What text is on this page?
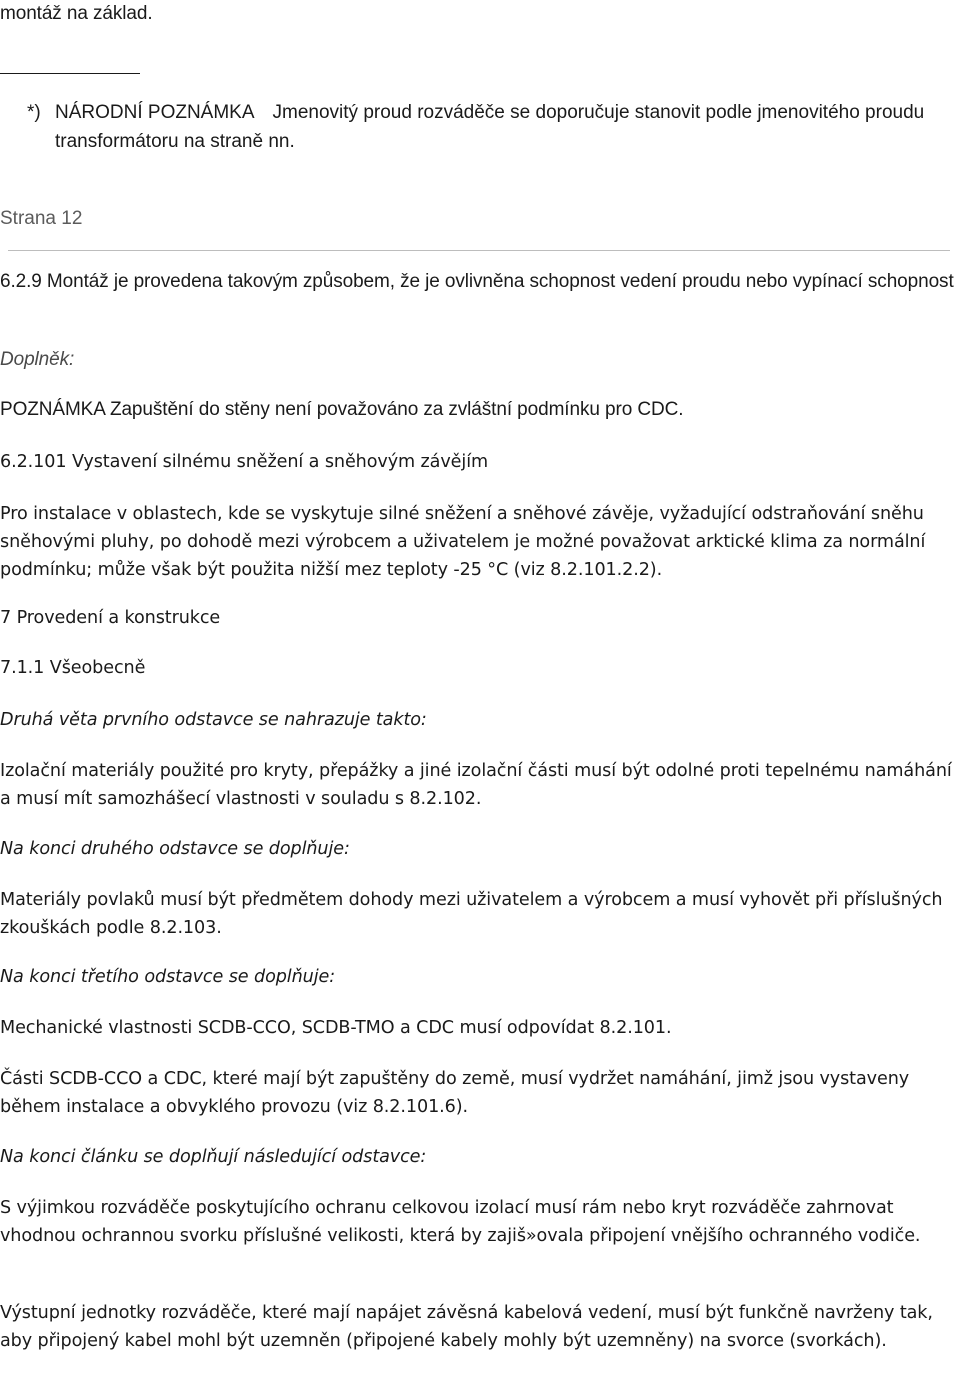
montáž na základ.

*) NÁRODNÍ POZNÁMKA Jmenovitý proud rozváděče se doporučuje stanovit podle jmenovitého proudu transformátoru na straně nn.
Strana 12

6.2.9 Montáž je provedena takovým způsobem, že je ovlivněna schopnost vedení proudu nebo vypínací schopnost

Doplněk:

POZNÁMKA Zapuštění do stěny není považováno za zvláštní podmínku pro CDC.

6.2.101 Vystavení silnému sněžení a sněhovým závějím

Pro instalace v oblastech, kde se vyskytuje silné sněžení a sněhové závěje, vyžadující odstraňování sněhu sněhovými pluhy, po dohodě mezi výrobcem a uživatelem je možné považovat arktické klima za normální podmínku; může však být použita nižší mez teploty -25 °C (viz 8.2.101.2.2).

7 Provedení a konstrukce

7.1.1 Všeobecně

Druhá věta prvního odstavce se nahrazuje takto:

Izolační materiály použité pro kryty, přepážky a jiné izolační části musí být odolné proti tepelnému namáhání a musí mít samozhášecí vlastnosti v souladu s 8.2.102.

Na konci druhého odstavce se doplňuje:

Materiály povlaků musí být předmětem dohody mezi uživatelem a výrobcem a musí vyhovět při příslušných zkouškách podle 8.2.103.

Na konci třetího odstavce se doplňuje:

Mechanické vlastnosti SCDB-CCO, SCDB-TMO a CDC musí odpovídat 8.2.101.

Části SCDB-CCO a CDC, které mají být zapuštěny do země, musí vydržet namáhání, jimž jsou vystaveny během instalace a obvyklého provozu (viz 8.2.101.6).

Na konci článku se doplňují následující odstavce:

S výjimkou rozváděče poskytujícího ochranu celkovou izolací musí rám nebo kryt rozváděče zahrnovat vhodnou ochrannou svorku příslušné velikosti, která by zajiš»ovala připojení vnějšího ochranného vodiče.

Výstupní jednotky rozváděče, které mají napájet závěsná kabelová vedení, musí být funkčně navrženy tak, aby připojený kabel mohl být uzemněn (připojené kabely mohly být uzemněny) na svorce (svorkách).
